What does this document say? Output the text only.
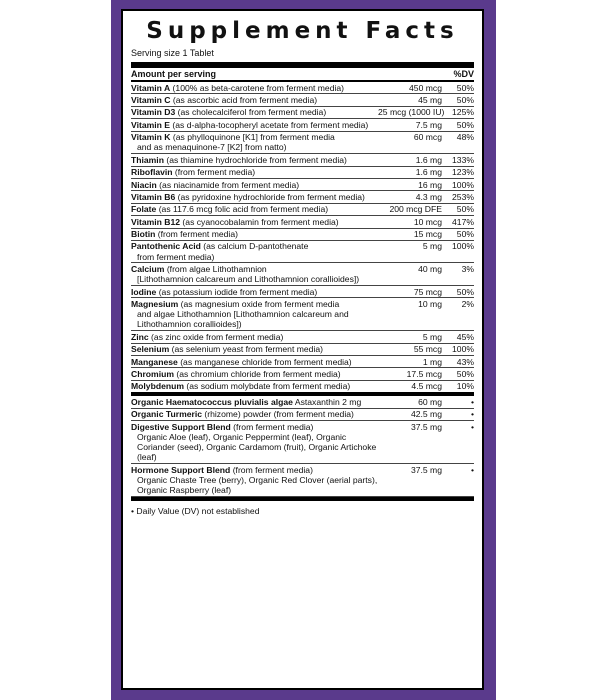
Supplement Facts
Serving size 1 Tablet
Amount per serving	%DV
Vitamin A (100% as beta-carotene from ferment media)	450 mcg	50%
Vitamin C (as ascorbic acid from ferment media)	45 mg	50%
Vitamin D3 (as cholecalciferol from ferment media)	25 mcg (1000 IU) 125%
Vitamin E (as d-alpha-tocopheryl acetate from ferment media)	7.5 mg	50%
Vitamin K (as phylloquinone [K1] from ferment media
and as menaquinone-7 [K2] from natto)
60 mcg	48%
Thiamin (as thiamine hydrochloride from ferment media)	1.6 mg	133%
Riboflavin (from ferment media)	1.6 mg	123%
Niacin (as niacinamide from ferment media)	16 mg	100%
Vitamin B6 (as pyridoxine hydrochloride from ferment media)	4.3 mg	253%
Folate (as 117.6 mcg folic acid from ferment media)	200 mcg DFE	50%
Vitamin B12 (as cyanocobalamin from ferment media)	10 mcg	417%
Biotin (from ferment media)	15 mcg	50%
Pantothenic Acid (as calcium D-pantothenate
from ferment media)
5 mg	100%
Calcium (from algae Lithothamnion
[Lithothamnion calcareum and Lithothamnion corallioides])
40 mg	3%
Iodine (as potassium iodide from ferment media)	75 mcg	50%
Magnesium (as magnesium oxide from ferment media
and algae Lithothamnion [Lithothamnion calcareum and Lithothamnion corallioides])
10 mg	2%
Zinc (as zinc oxide from ferment media)	5 mg	45%
Selenium (as selenium yeast from ferment media)	55 mcg	100%
Manganese (as manganese chloride from ferment media)	1 mg	43%
Chromium (as chromium chloride from ferment media)	17.5 mcg	50%
Molybdenum (as sodium molybdate from ferment media)	4.5 mcg	10%
Organic Haematococcus pluvialis algae Astaxanthin 2 mg	60 mg	•
Organic Turmeric (rhizome) powder (from ferment media)	42.5 mg	•
Digestive Support Blend (from ferment media)
Organic Aloe (leaf), Organic Peppermint (leaf), Organic Coriander (seed), Organic Cardamom (fruit), Organic Artichoke (leaf)
37.5 mg	•
Hormone Support Blend (from ferment media)
Organic Chaste Tree (berry), Organic Red Clover (aerial parts), Organic Raspberry (leaf)
37.5 mg	•
• Daily Value (DV) not established
